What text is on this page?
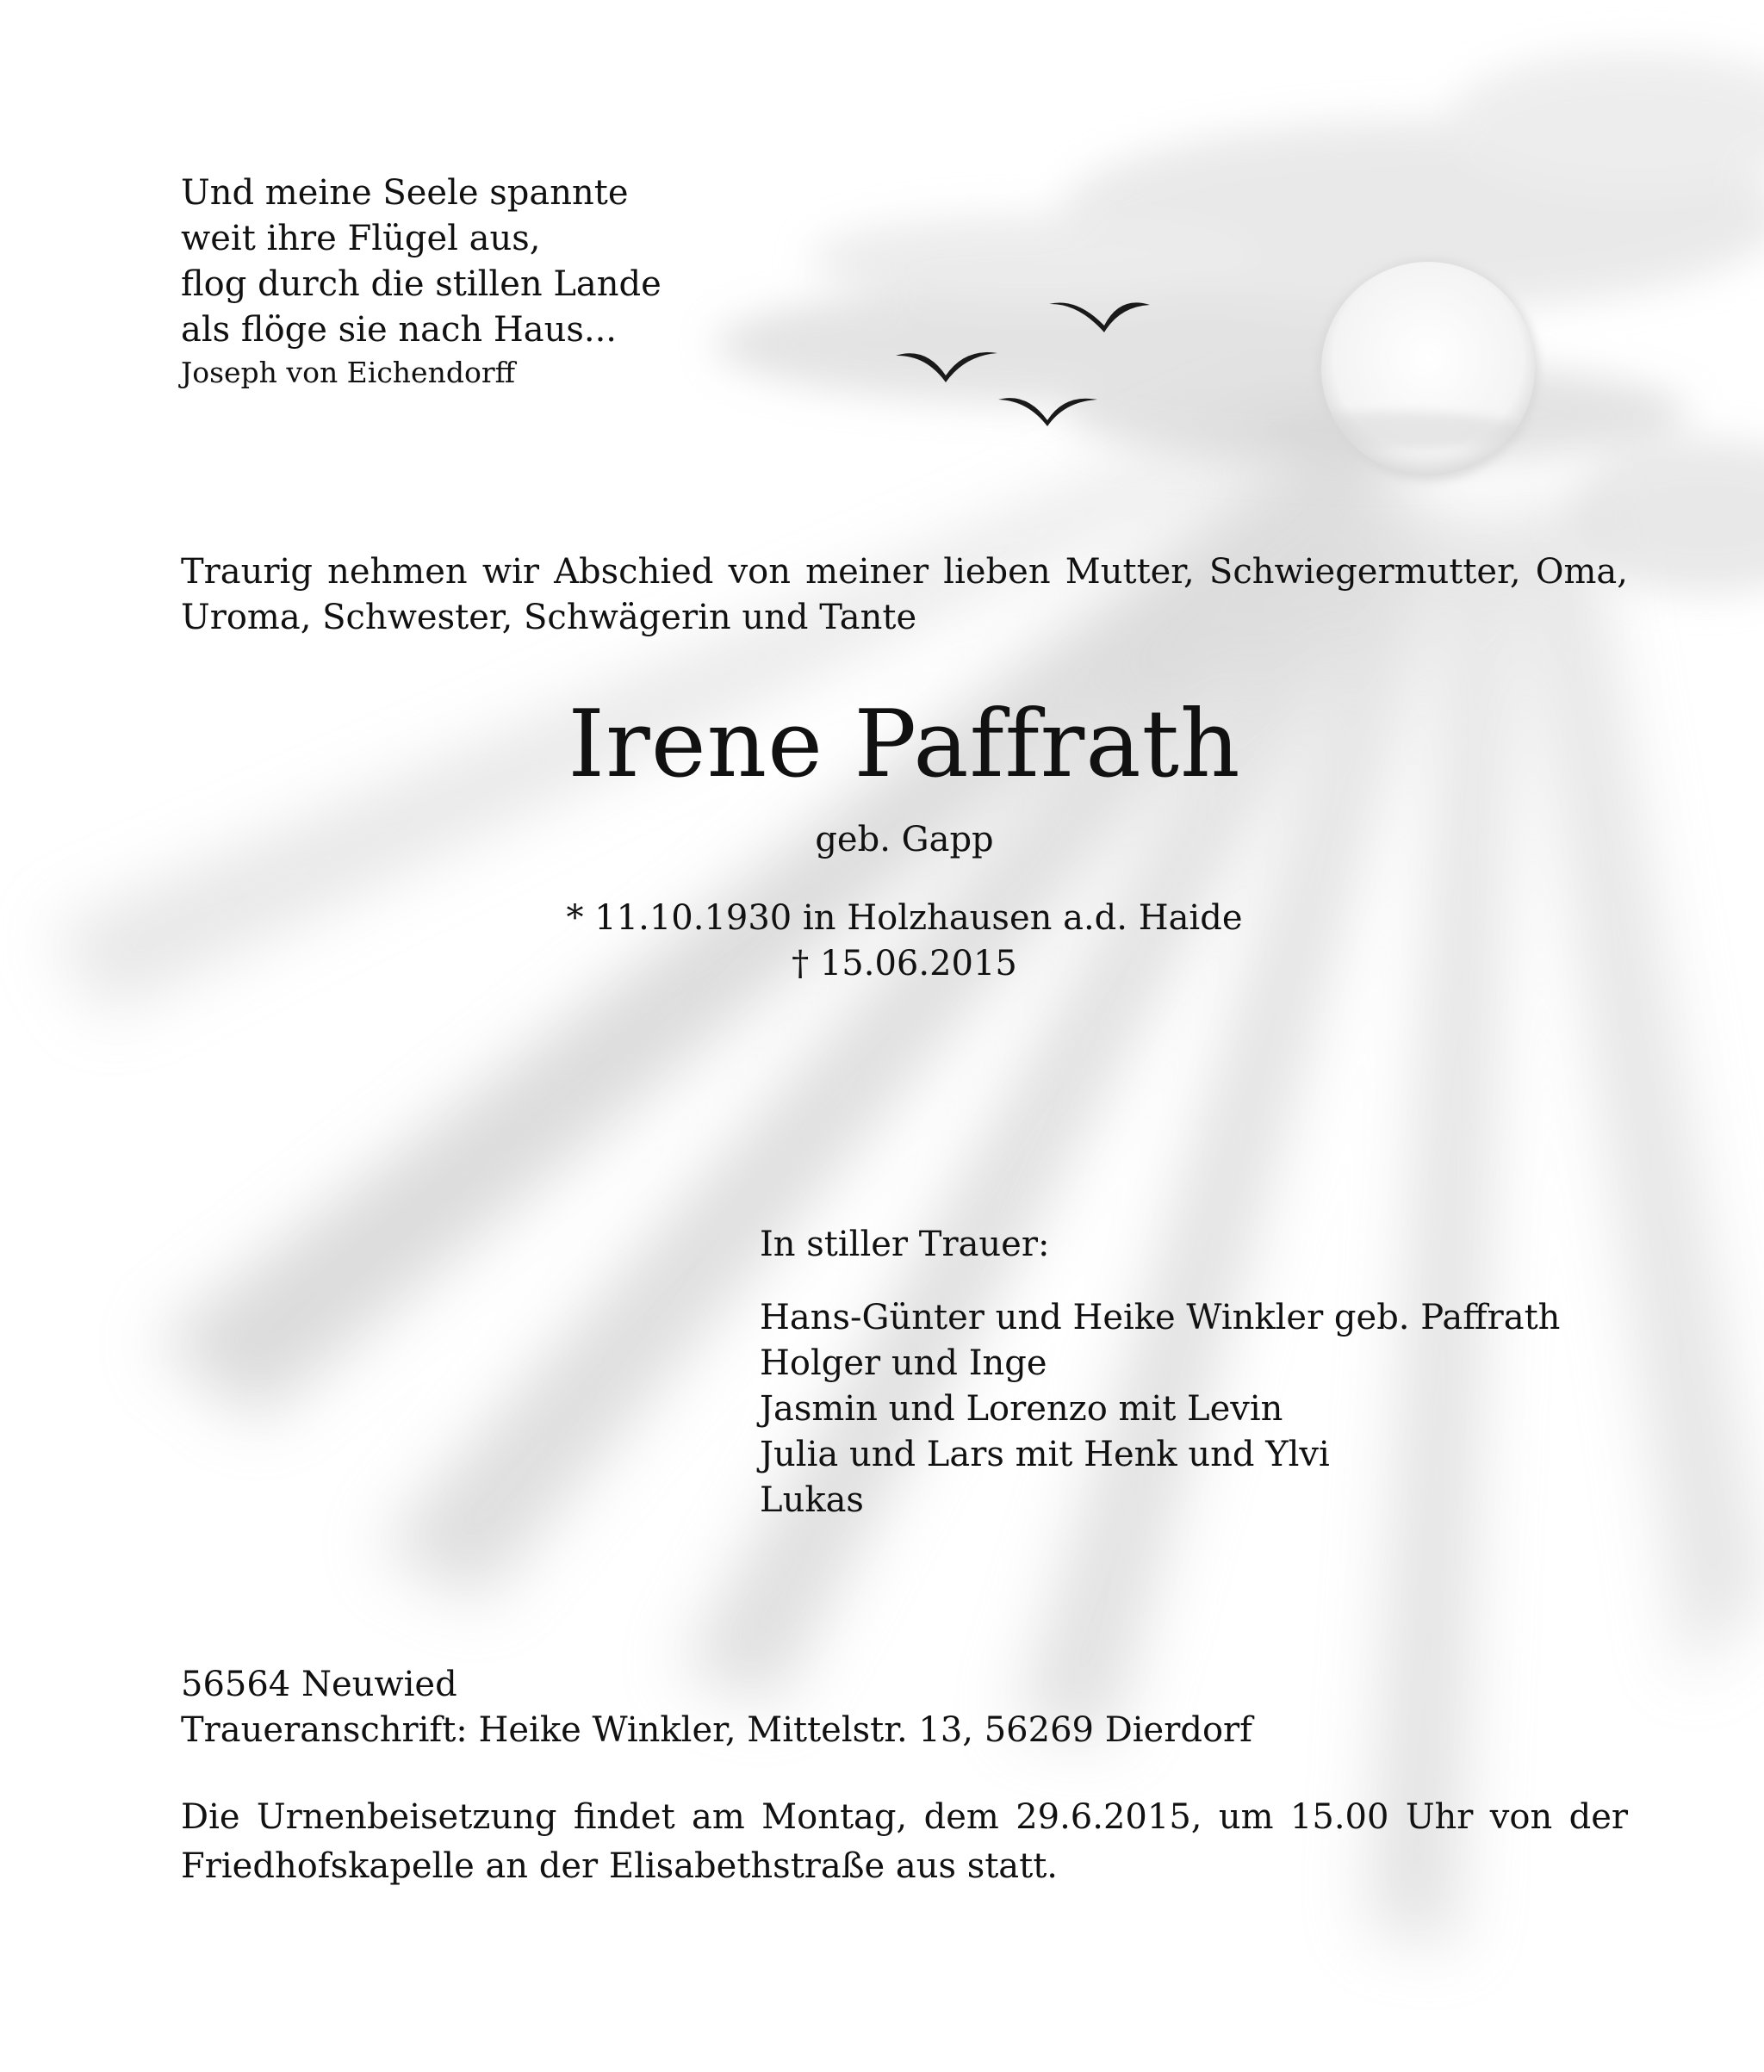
Und meine Seele spannte
weit ihre Flügel aus,
flog durch die stillen Lande
als flöge sie nach Haus...
Joseph von Eichendorff

Traurig nehmen wir Abschied von meiner lieben Mutter, Schwiegermutter, Oma, Uroma, Schwester, Schwägerin und Tante

Irene Paffrath
geb. Gapp
* 11.10.1930 in Holzhausen a.d. Haide
† 15.06.2015
In stiller Trauer:
Hans-Günter und Heike Winkler geb. Paffrath
Holger und Inge
Jasmin und Lorenzo mit Levin
Julia und Lars mit Henk und Ylvi
Lukas
56564 Neuwied
Traueranschrift: Heike Winkler, Mittelstr. 13, 56269 Dierdorf

Die Urnenbeisetzung findet am Montag, dem 29.6.2015, um 15.00 Uhr von der Friedhofskapelle an der Elisabethstraße aus statt.
